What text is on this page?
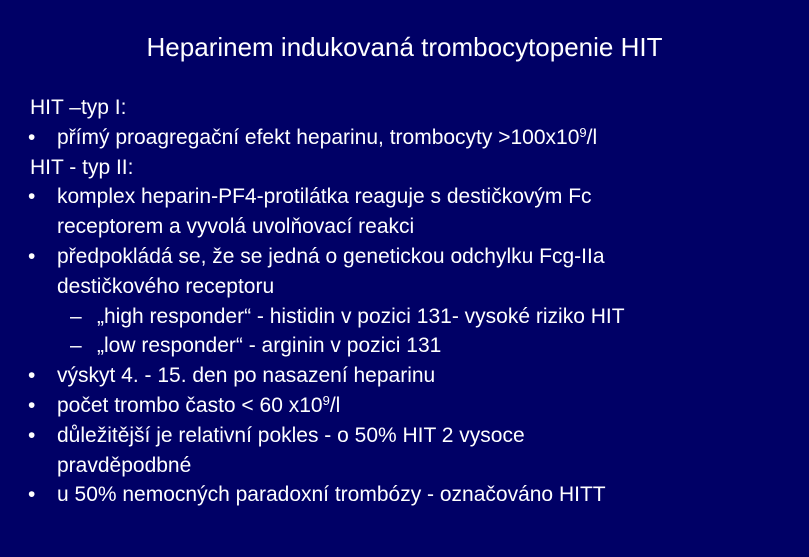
Heparinem indukovaná trombocytopenie HIT
HIT –typ I:
• přímý proagregační efekt heparinu, trombocyty $>100x10^9/l$
HIT - typ II:
• komplex heparin-PF4-protilátka reaguje s destičkovým Fc
receptorem a vyvolá uvolňovací reakci
• předpokládá se, že se jedná o genetickou odchylku Fcg-IIa
destičkového receptoru
– „high responder“ - histidin v pozici 131- vysoké riziko HIT
– „low responder“ - arginin v pozici 131
• výskyt 4. - 15. den po nasazení heparinu
• počet trombo často < 60 $x10^9/l$
• důležitější je relativní pokles - o 50% HIT 2 vysoce
pravděpodbné
• u 50% nemocných paradoxní trombózy - označováno HITT
